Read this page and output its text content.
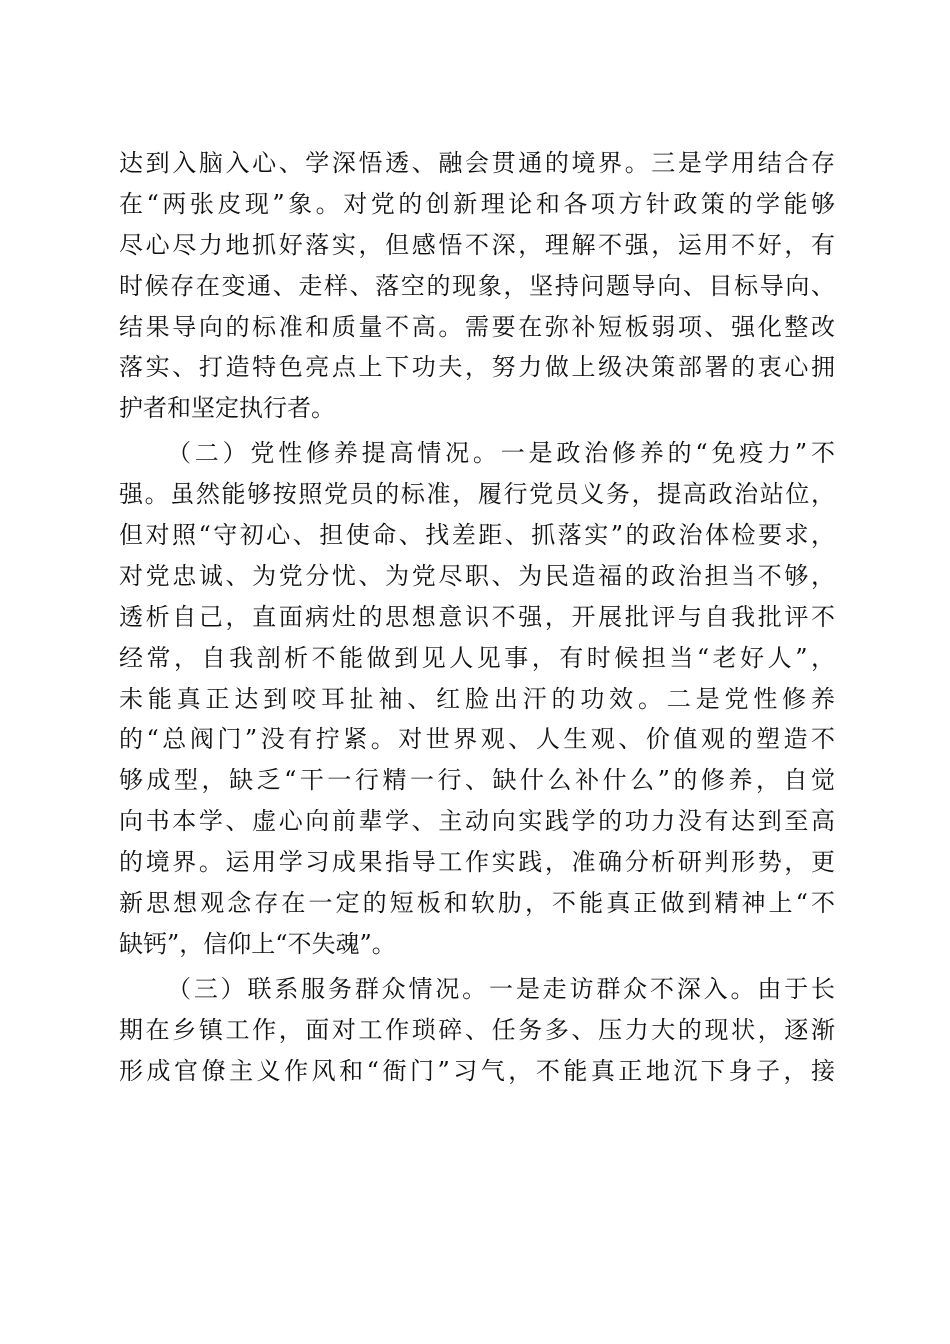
达到入脑入心、学深悟透、融会贯通的境界。三是学用结合存
在“两张皮现”象。对党的创新理论和各项方针政策的学能够
尽心尽力地抓好落实，但感悟不深，理解不强，运用不好，有
时候存在变通、走样、落空的现象，坚持问题导向、目标导向、
结果导向的标准和质量不高。需要在弥补短板弱项、强化整改
落实、打造特色亮点上下功夫，努力做上级决策部署的衷心拥
护者和坚定执行者。
（二）党性修养提高情况。一是政治修养的“免疫力”不
强。虽然能够按照党员的标准，履行党员义务，提高政治站位，
但对照“守初心、担使命、找差距、抓落实”的政治体检要求，
对党忠诚、为党分忧、为党尽职、为民造福的政治担当不够，
透析自己，直面病灶的思想意识不强，开展批评与自我批评不
经常，自我剖析不能做到见人见事，有时候担当“老好人”，
未能真正达到咬耳扯袖、红脸出汗的功效。二是党性修养
的“总阀门”没有拧紧。对世界观、人生观、价值观的塑造不
够成型，缺乏“干一行精一行、缺什么补什么”的修养，自觉
向书本学、虚心向前辈学、主动向实践学的功力没有达到至高
的境界。运用学习成果指导工作实践，准确分析研判形势，更
新思想观念存在一定的短板和软肋，不能真正做到精神上“不
缺钙”，信仰上“不失魂”。
（三）联系服务群众情况。一是走访群众不深入。由于长
期在乡镇工作，面对工作琐碎、任务多、压力大的现状，逐渐
形成官僚主义作风和“衙门”习气，不能真正地沉下身子，接
